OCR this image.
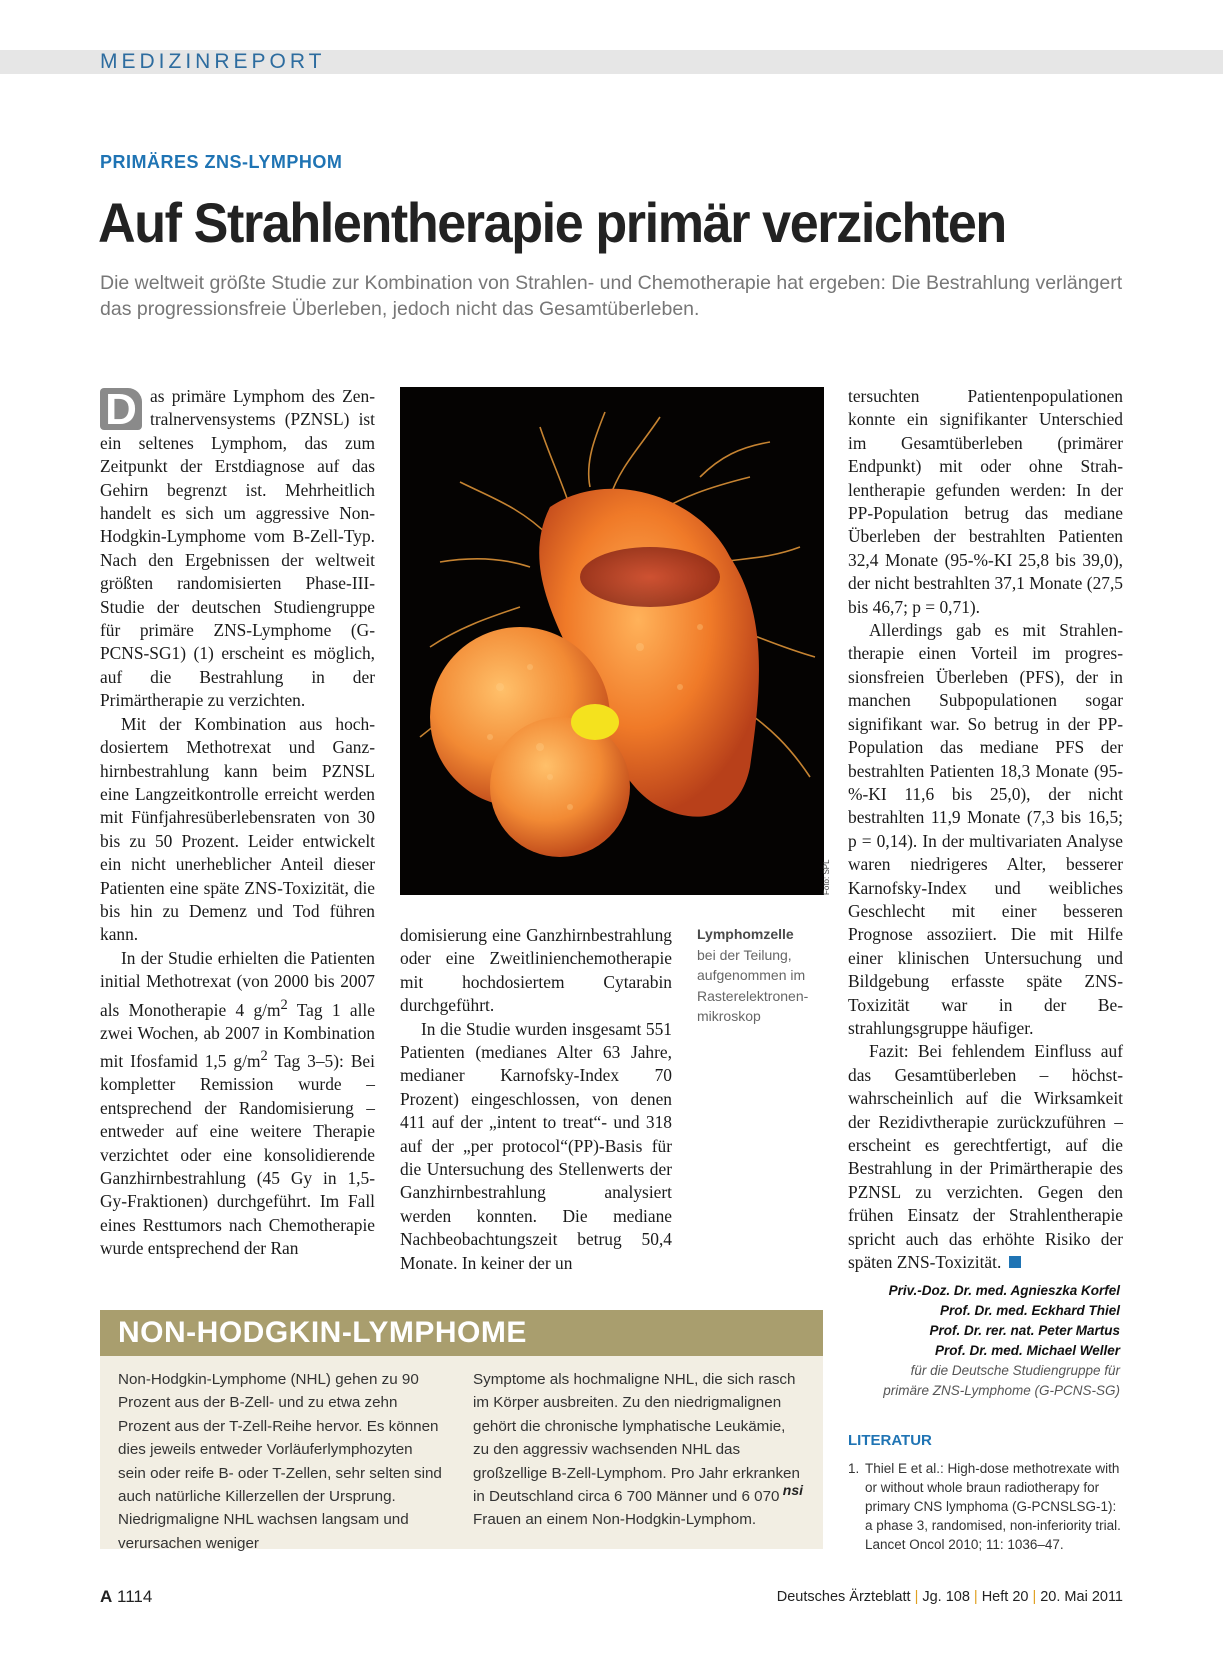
MEDIZINREPORT
PRIMÄRES ZNS-LYMPHOM
Auf Strahlentherapie primär verzichten
Die weltweit größte Studie zur Kombination von Strahlen- und Chemotherapie hat ergeben: Die Bestrahlung verlängert das progressionsfreie Überleben, jedoch nicht das Gesamtüberleben.

D as primäre Lymphom des Zentralnervensystems (PZNSL) ist ein seltenes Lymphom, das zum Zeitpunkt der Erstdiagnose auf das Gehirn begrenzt ist. Mehrheitlich handelt es sich um aggressive Non-Hodgkin-Lymphome vom B-Zell-Typ. Nach den Ergebnissen der weltweit größten randomisierten Phase-III-Studie der deutschen Studiengruppe für primäre ZNS-Lymphome (G-PCNS-SG1) (1) erscheint es möglich, auf die Bestrahlung in der Primärtherapie zu verzichten.

Mit der Kombination aus hochdosiertem Methotrexat und Ganzhirnbestrahlung kann beim PZNSL eine Langzeitkontrolle erreicht werden mit Fünfjahresüberlebensraten von 30 bis zu 50 Prozent. Leider entwickelt ein nicht unerheblicher Anteil dieser Patienten eine späte ZNS-Toxizität, die bis hin zu Demenz und Tod führen kann.

In der Studie erhielten die Patienten initial Methotrexat (von 2000 bis 2007 als Monotherapie 4 $g/m^2$ Tag 1 alle zwei Wochen, ab 2007 in Kombination mit Ifosfamid 1,5 $g/m^2$ Tag 3–5): Bei kompletter Remission wurde – entsprechend der Randomisierung – entweder auf eine weitere Therapie verzichtet oder eine konsolidierende Ganzhirnbestrahlung (45 Gy in 1,5-Gy-Fraktionen) durchgeführt. Im Fall eines Resttumors nach Chemotherapie wurde entsprechend der Ran

Foto: SPL
Lymphomzelle
bei der Teilung, aufgenommen im Rasterelektronenmikroskop

domisierung eine Ganzhirnbestrahlung oder eine Zweitlinienchemotherapie mit hochdosiertem Cytarabin durchgeführt.

In die Studie wurden insgesamt 551 Patienten (medianes Alter 63 Jahre, medianer Karnofsky-Index 70 Prozent) eingeschlossen, von denen 411 auf der „intent to treat“- und 318 auf der „per protocol“(PP)-Basis für die Untersuchung des Stellenwerts der Ganzhirnbestrahlung analysiert werden konnten. Die mediane Nachbeobachtungszeit betrug 50,4 Monate. In keiner der un

tersuchten Patientenpopulationen konnte ein signifikanter Unterschied im Gesamtüberleben (primärer Endpunkt) mit oder ohne Strahlentherapie gefunden werden: In der PP-Population betrug das mediane Überleben der bestrahlten Patienten 32,4 Monate (95-%-KI 25,8 bis 39,0), der nicht bestrahlten 37,1 Monate (27,5 bis 46,7; p = 0,71).

Allerdings gab es mit Strahlentherapie einen Vorteil im progressionsfreien Überleben (PFS), der in manchen Subpopulationen sogar signifikant war. So betrug in der PP-Population das mediane PFS der bestrahlten Patienten 18,3 Monate (95-%-KI 11,6 bis 25,0), der nicht bestrahlten 11,9 Monate (7,3 bis 16,5; p = 0,14). In der multivariaten Analyse waren niedrigeres Alter, besserer Karnofsky-Index und weibliches Geschlecht mit einer besseren Prognose assoziiert. Die mit Hilfe einer klinischen Untersuchung und Bildgebung erfasste späte ZNS-Toxizität war in der Bestrahlungsgruppe häufiger.

Fazit: Bei fehlendem Einfluss auf das Gesamtüberleben – höchstwahrscheinlich auf die Wirksamkeit der Rezidivtherapie zurückzuführen – erscheint es gerechtfertigt, auf die Bestrahlung in der Primärtherapie des PZNSL zu verzichten. Gegen den frühen Einsatz der Strahlentherapie spricht auch das erhöhte Risiko der späten ZNS-Toxizität.

Priv.-Doz. Dr. med. Agnieszka Korfel
Prof. Dr. med. Eckhard Thiel
Prof. Dr. rer. nat. Peter Martus
Prof. Dr. med. Michael Weller
für die Deutsche Studiengruppe für
primäre ZNS-Lymphome (G-PCNS-SG)
LITERATUR
1. Thiel E et al.: High-dose methotrexate with or without whole braun radiotherapy for primary CNS lymphoma (G-PCNSLSG-1): a phase 3, randomised, non-inferiority trial. Lancet Oncol 2010; 11: 1036–47.
NON-HODGKIN-LYMPHOME
Non-Hodgkin-Lymphome (NHL) gehen zu 90 Prozent aus der B-Zell- und zu etwa zehn Prozent aus der T-Zell-Reihe hervor. Es können dies jeweils entweder Vorläuferlymphozyten sein oder reife B- oder T-Zellen, sehr selten sind auch natürliche Killerzellen der Ursprung. Niedrigmaligne NHL wachsen langsam und verursachen weniger
Symptome als hochmaligne NHL, die sich rasch im Körper ausbreiten. Zu den niedrigmalignen gehört die chronische lymphatische Leukämie, zu den aggressiv wachsenden NHL das großzellige B-Zell-Lymphom. Pro Jahr erkranken in Deutschland circa 6 700 Männer und 6 070 Frauen an einem Non-Hodgkin-Lymphom.
nsi
A 1114	Deutsches Ärzteblatt | Jg. 108 | Heft 20 | 20. Mai 2011
